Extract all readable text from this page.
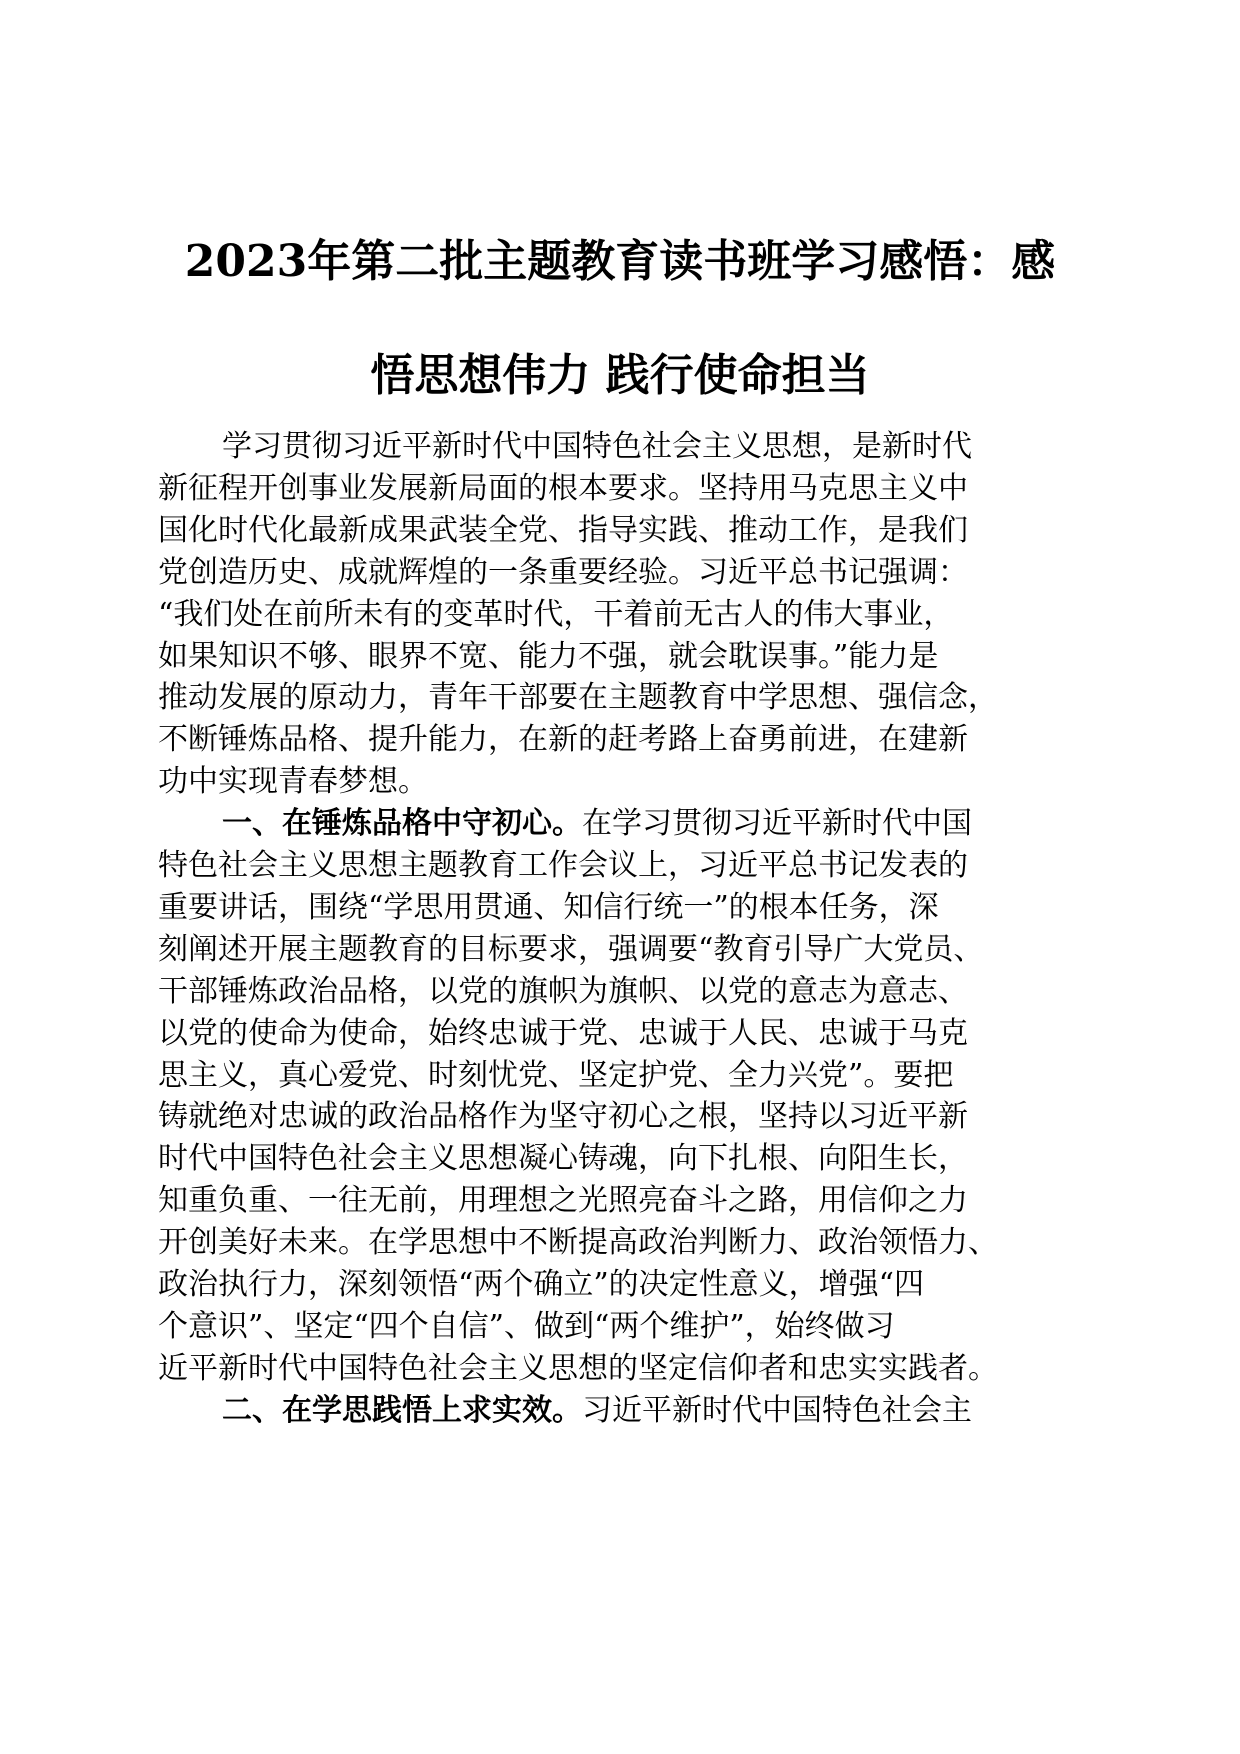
2023年第二批主题教育读书班学习感悟：感
悟思想伟力 践行使命担当
学习贯彻习近平新时代中国特色社会主义思想，是新时代
新征程开创事业发展新局面的根本要求。坚持用马克思主义中
国化时代化最新成果武装全党、指导实践、推动工作，是我们
党创造历史、成就辉煌的一条重要经验。习近平总书记强调：
“我们处在前所未有的变革时代，干着前无古人的伟大事业，
如果知识不够、眼界不宽、能力不强，就会耽误事。”能力是
推动发展的原动力，青年干部要在主题教育中学思想、强信念，
不断锤炼品格、提升能力，在新的赶考路上奋勇前进，在建新
功中实现青春梦想。
一、在锤炼品格中守初心。在学习贯彻习近平新时代中国
特色社会主义思想主题教育工作会议上，习近平总书记发表的
重要讲话，围绕“学思用贯通、知信行统一”的根本任务，深
刻阐述开展主题教育的目标要求，强调要“教育引导广大党员、
干部锤炼政治品格，以党的旗帜为旗帜、以党的意志为意志、
以党的使命为使命，始终忠诚于党、忠诚于人民、忠诚于马克
思主义，真心爱党、时刻忧党、坚定护党、全力兴党”。要把
铸就绝对忠诚的政治品格作为坚守初心之根，坚持以习近平新
时代中国特色社会主义思想凝心铸魂，向下扎根、向阳生长，
知重负重、一往无前，用理想之光照亮奋斗之路，用信仰之力
开创美好未来。在学思想中不断提高政治判断力、政治领悟力、
政治执行力，深刻领悟“两个确立”的决定性意义，增强“四
个意识”、坚定“四个自信”、做到“两个维护”，始终做习
近平新时代中国特色社会主义思想的坚定信仰者和忠实实践者。
二、在学思践悟上求实效。习近平新时代中国特色社会主
